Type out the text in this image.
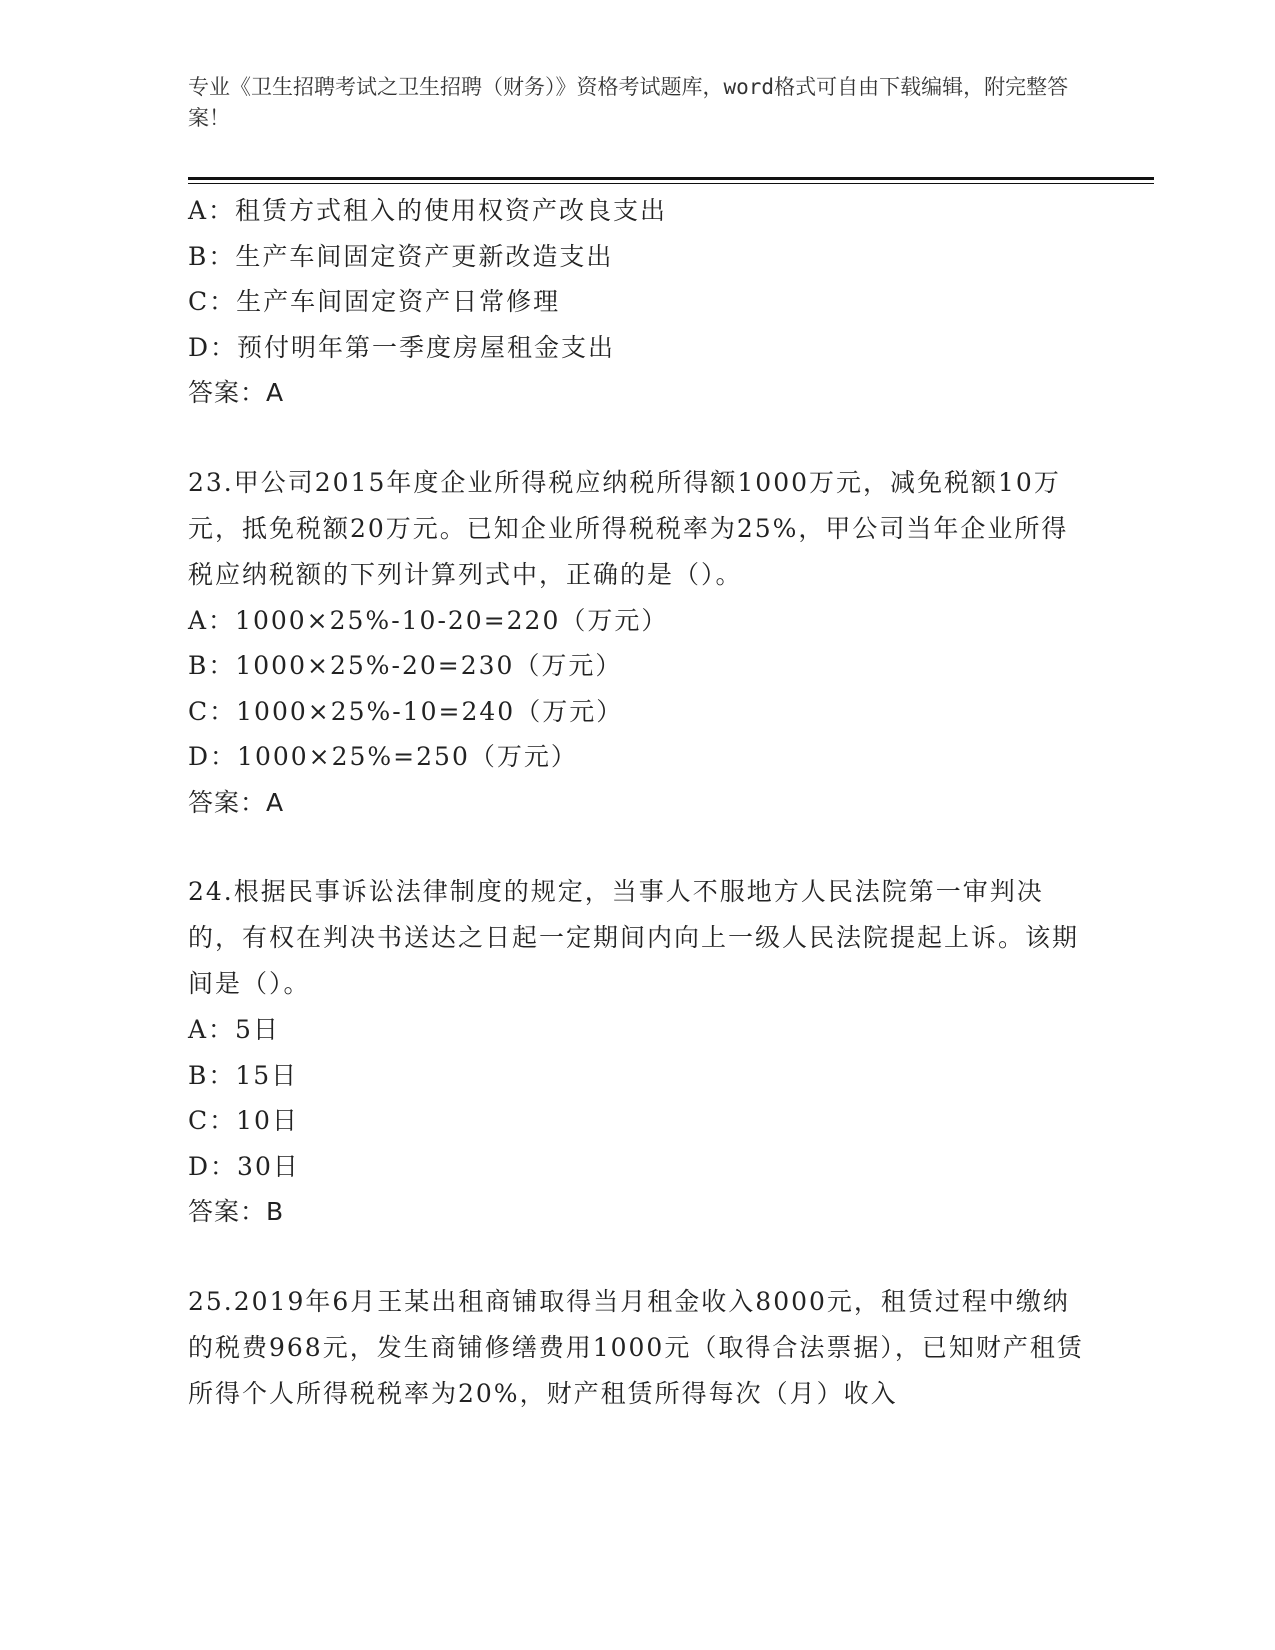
专业《卫生招聘考试之卫生招聘（财务）》资格考试题库，word格式可自由下载编辑，附完整答案！
A：租赁方式租入的使用权资产改良支出
B：生产车间固定资产更新改造支出
C：生产车间固定资产日常修理
D：预付明年第一季度房屋租金支出
答案：A
23.甲公司2015年度企业所得税应纳税所得额1000万元，减免税额10万元，抵免税额20万元。已知企业所得税税率为25%，甲公司当年企业所得税应纳税额的下列计算列式中，正确的是（）。
A：1000×25%-10-20=220（万元）
B：1000×25%-20=230（万元）
C：1000×25%-10=240（万元）
D：1000×25%=250（万元）
答案：A
24.根据民事诉讼法律制度的规定，当事人不服地方人民法院第一审判决的，有权在判决书送达之日起一定期间内向上一级人民法院提起上诉。该期间是（）。
A：5日
B：15日
C：10日
D：30日
答案：B
25.2019年6月王某出租商铺取得当月租金收入8000元，租赁过程中缴纳的税费968元，发生商铺修缮费用1000元（取得合法票据），已知财产租赁所得个人所得税税率为20%，财产租赁所得每次（月）收入
